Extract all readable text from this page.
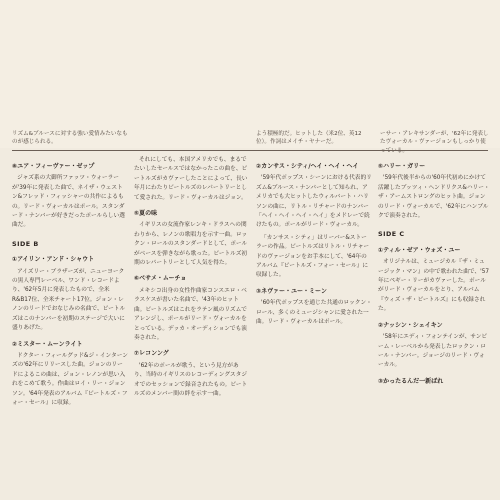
リズム&ブルースに対する強い愛情みたいなものが感じられる。
よう積極的だ。ヒットした（米2位、英12位）。作詞はメイチ・ヤナーだ。
ーサー・アレキサンダーが、'62年に発表したヴォーカル・ヴァージョンもしっかり使っている。
⑧ユア・フィーヴァー・ゼップ

ジャズ系の大御所ファッツ・ウォーラーが'39年に発表した曲で、ネイザ・ウェストン&フレッド・フィッシャーの共作によるもの。リード・ヴォーカルはポール。スタンダード・ナンバーが好きだったポールらしい選曲だ。

SIDE B
①アイリン・アンド・シャウト

アイズリー・ブラザーズが、ニューヨークの黒人専門レーベル、ワンド・レコードより、'62年5月に発表したもので、全米R&B17位、全米チャート17位。ジョン・レノンのリードでおなじみの名曲で、ビートルズはこのナンバーを初期のステージで大いに盛りあげた。

②ミスター・ムーンライト

ドクター・フィールグッド&ジ・インターンズの'62年にリリースした曲。ジョンのリードによるこの曲は、ジョン・レノンが思い入れをこめて歌う。作曲はロイ・リー・ジョンソン。'64年発表のアルバム『ビートルズ・フォー・セール』に収録。

それにしても、本国アメリカでも、まるでたいしたセールスではなかったこの曲を、ビートルズがカヴァーしたことによって、長い年月にわたりビートルズのレパートリーとして愛された。リード・ヴォーカルはジョン。

⑤夏の味

イギリスの女流作家レンキ・ドラスへの関わりから、レノンの歌唱力を示す一曲。ロックン・ロールのスタンダードとして、ポールがベースを弾きながら歌った。ビートルズ初期のレパートリーとして人気を得た。

⑥ベサメ・ムーチョ

メキシコ出身の女性作曲家コンスエロ・ベラスケスが書いた名曲で、'43年のヒット曲。ビートルズはこれをラテン風のリズムでアレンジし、ポールがリード・ヴォーカルをとっている。デッカ・オーディションでも演奏された。

⑦レコンング

'62年のポールが歌う、という見方があり、当時のイギリスのレコーディングスタジオでのセッションで録音されたもの。ビートルズのメンバー間の絆を示す一曲。

②カンサス・シティ/ヘイ・ヘイ・ヘイ

'59年代ポップス・シーンにおける代表的リズム&ブルース・ナンバーとして知られ、アメリカでも大ヒットしたウィルバート・ハリソンの曲に、リトル・リチャードのナンバー「ヘイ・ヘイ・ヘイ・ヘイ」をメドレーで続けたもの。ポールがリード・ヴォーカル。

「カンサス・シティ」はリーバー&ストーラーの作品。ビートルズはリトル・リチャードのヴァージョンをお手本にして、'64年のアルバム『ビートルズ・フォー・セール』に収録した。

③ネヴァー・ユー・ミーン

'60年代ポップスを通じた共通のロックン・ロール、多くのミュージシャンに愛された一曲。リード・ヴォーカルはポール。

⑤ハリー・ガリー

'59年代後半からの'60年代初めにかけて活躍したブッツィ・ヘンドリクス&ハリー・ザ・アームストロングのヒット曲。ジョンのリード・ヴォーカルで、'62年にハンブルクで演奏された。

SIDE C
①ティル・ゼア・ウォズ・ユー

オリジナルは、ミュージカル『ザ・ミュージック・マン』の中で歌われた曲で、'57年にペギー・リーがカヴァーした。ポールがリード・ヴォーカルをとり、アルバム『ウィズ・ザ・ビートルズ』にも収録された。

②ナッシン・シェイキン

'58年にエディ・フォンテインが、サンビーム・レーベルから発表したロックン・ロール・ナンバー。ジョージのリード・ヴォーカル。

③かったるんだ一新ばれ
